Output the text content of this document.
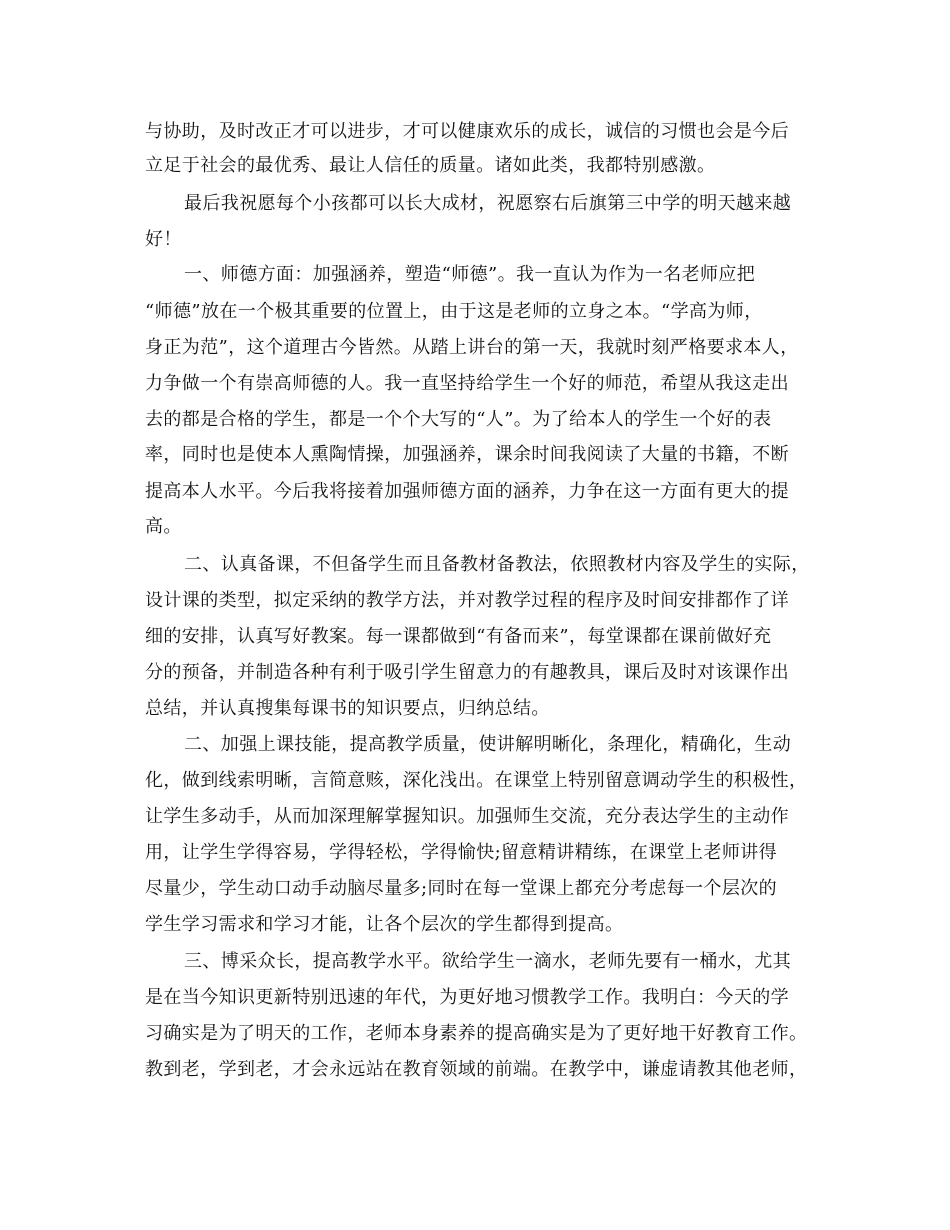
与协助，及时改正才可以进步，才可以健康欢乐的成长，诚信的习惯也会是今后
立足于社会的最优秀、最让人信任的质量。诸如此类，我都特别感激。
最后我祝愿每个小孩都可以长大成材，祝愿察右后旗第三中学的明天越来越
好！
一、师德方面：加强涵养，塑造“师德”。我一直认为作为一名老师应把
“师德”放在一个极其重要的位置上，由于这是老师的立身之本。“学高为师，
身正为范”，这个道理古今皆然。从踏上讲台的第一天，我就时刻严格要求本人，
力争做一个有崇高师德的人。我一直坚持给学生一个好的师范，希望从我这走出
去的都是合格的学生，都是一个个大写的“人”。为了给本人的学生一个好的表
率，同时也是使本人熏陶情操，加强涵养，课余时间我阅读了大量的书籍，不断
提高本人水平。今后我将接着加强师德方面的涵养，力争在这一方面有更大的提
高。
二、认真备课，不但备学生而且备教材备教法，依照教材内容及学生的实际，
设计课的类型，拟定采纳的教学方法，并对教学过程的程序及时间安排都作了详
细的安排，认真写好教案。每一课都做到“有备而来”，每堂课都在课前做好充
分的预备，并制造各种有利于吸引学生留意力的有趣教具，课后及时对该课作出
总结，并认真搜集每课书的知识要点，归纳总结。
二、加强上课技能，提高教学质量，使讲解明晰化，条理化，精确化，生动
化，做到线索明晰，言简意赅，深化浅出。在课堂上特别留意调动学生的积极性，
让学生多动手，从而加深理解掌握知识。加强师生交流，充分表达学生的主动作
用，让学生学得容易，学得轻松，学得愉快;留意精讲精练，在课堂上老师讲得
尽量少，学生动口动手动脑尽量多;同时在每一堂课上都充分考虑每一个层次的
学生学习需求和学习才能，让各个层次的学生都得到提高。
三、博采众长，提高教学水平。欲给学生一滴水，老师先要有一桶水，尤其
是在当今知识更新特别迅速的年代，为更好地习惯教学工作。我明白：今天的学
习确实是为了明天的工作，老师本身素养的提高确实是为了更好地干好教育工作。
教到老，学到老，才会永远站在教育领域的前端。在教学中，谦虚请教其他老师，
